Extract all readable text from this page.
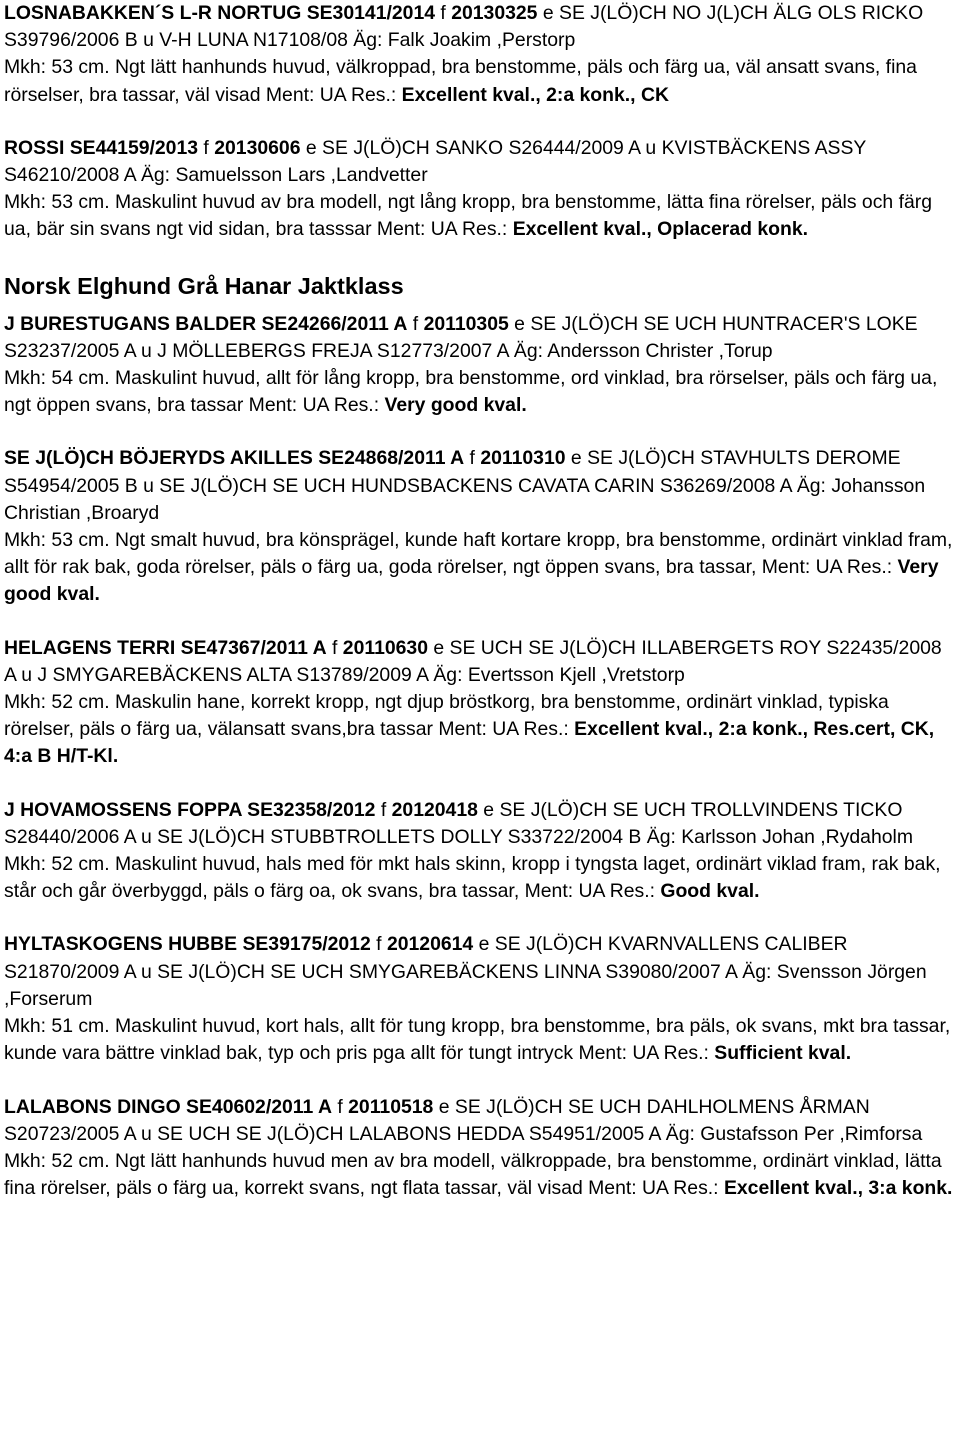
LOSNABAKKEN´S L-R NORTUG SE30141/2014 f 20130325 e SE J(LÖ)CH NO J(L)CH ÄLG OLS RICKO S39796/2006 B u V-H LUNA N17108/08 Äg: Falk Joakim ,Perstorp

Mkh: 53 cm. Ngt lätt hanhunds huvud, välkroppad, bra benstomme, päls och färg ua, väl ansatt svans, fina rörselser, bra tassar, väl visad Ment: UA Res.: Excellent kval., 2:a konk., CK

ROSSI SE44159/2013 f 20130606 e SE J(LÖ)CH SANKO S26444/2009 A u KVISTBÄCKENS ASSY S46210/2008 A Äg: Samuelsson Lars ,Landvetter

Mkh: 53 cm. Maskulint huvud av bra modell, ngt lång kropp, bra benstomme, lätta fina rörelser, päls och färg ua, bär sin svans ngt vid sidan, bra tasssar Ment: UA Res.: Excellent kval., Oplacerad konk.

Norsk Elghund Grå Hanar Jaktklass

J BURESTUGANS BALDER SE24266/2011 A f 20110305 e SE J(LÖ)CH SE UCH HUNTRACER'S LOKE S23237/2005 A u J MÖLLEBERGS FREJA S12773/2007 A Äg: Andersson Christer ,Torup

Mkh: 54 cm. Maskulint huvud, allt för lång kropp, bra benstomme, ord vinklad, bra rörselser, päls och färg ua, ngt öppen svans, bra tassar Ment: UA Res.: Very good kval.

SE J(LÖ)CH BÖJERYDS AKILLES SE24868/2011 A f 20110310 e SE J(LÖ)CH STAVHULTS DEROME S54954/2005 B u SE J(LÖ)CH SE UCH HUNDSBACKENS CAVATA CARIN S36269/2008 A Äg: Johansson Christian ,Broaryd

Mkh: 53 cm. Ngt smalt huvud, bra könsprägel, kunde haft kortare kropp, bra benstomme, ordinärt vinklad fram, allt för rak bak, goda rörelser, päls o färg ua, goda rörelser, ngt öppen svans, bra tassar, Ment: UA Res.: Very good kval.

HELAGENS TERRI SE47367/2011 A f 20110630 e SE UCH SE J(LÖ)CH ILLABERGETS ROY S22435/2008 A u J SMYGAREBÄCKENS ALTA S13789/2009 A Äg: Evertsson Kjell ,Vretstorp

Mkh: 52 cm. Maskulin hane, korrekt kropp, ngt djup bröstkorg, bra benstomme, ordinärt vinklad, typiska rörelser, päls o färg ua, välansatt svans,bra tassar Ment: UA Res.: Excellent kval., 2:a konk., Res.cert, CK, 4:a B H/T-Kl.

J HOVAMOSSENS FOPPA SE32358/2012 f 20120418 e SE J(LÖ)CH SE UCH TROLLVINDENS TICKO S28440/2006 A u SE J(LÖ)CH STUBBTROLLETS DOLLY S33722/2004 B Äg: Karlsson Johan ,Rydaholm

Mkh: 52 cm. Maskulint huvud, hals med för mkt hals skinn, kropp i tyngsta laget, ordinärt viklad fram, rak bak, står och går överbyggd, päls o färg oa, ok svans, bra tassar, Ment: UA Res.: Good kval.

HYLTASKOGENS HUBBE SE39175/2012 f 20120614 e SE J(LÖ)CH KVARNVALLENS CALIBER S21870/2009 A u SE J(LÖ)CH SE UCH SMYGAREBÄCKENS LINNA S39080/2007 A Äg: Svensson Jörgen ,Forserum

Mkh: 51 cm. Maskulint huvud, kort hals, allt för tung kropp, bra benstomme, bra päls, ok svans, mkt bra tassar, kunde vara bättre vinklad bak, typ och pris pga allt för tungt intryck Ment: UA Res.: Sufficient kval.

LALABONS DINGO SE40602/2011 A f 20110518 e SE J(LÖ)CH SE UCH DAHLHOLMENS ÅRMAN S20723/2005 A u SE UCH SE J(LÖ)CH LALABONS HEDDA S54951/2005 A Äg: Gustafsson Per ,Rimforsa

Mkh: 52 cm. Ngt lätt hanhunds huvud men av bra modell, välkroppade, bra benstomme, ordinärt vinklad, lätta fina rörelser, päls o färg ua, korrekt svans, ngt flata tassar, väl visad Ment: UA Res.: Excellent kval., 3:a konk.
